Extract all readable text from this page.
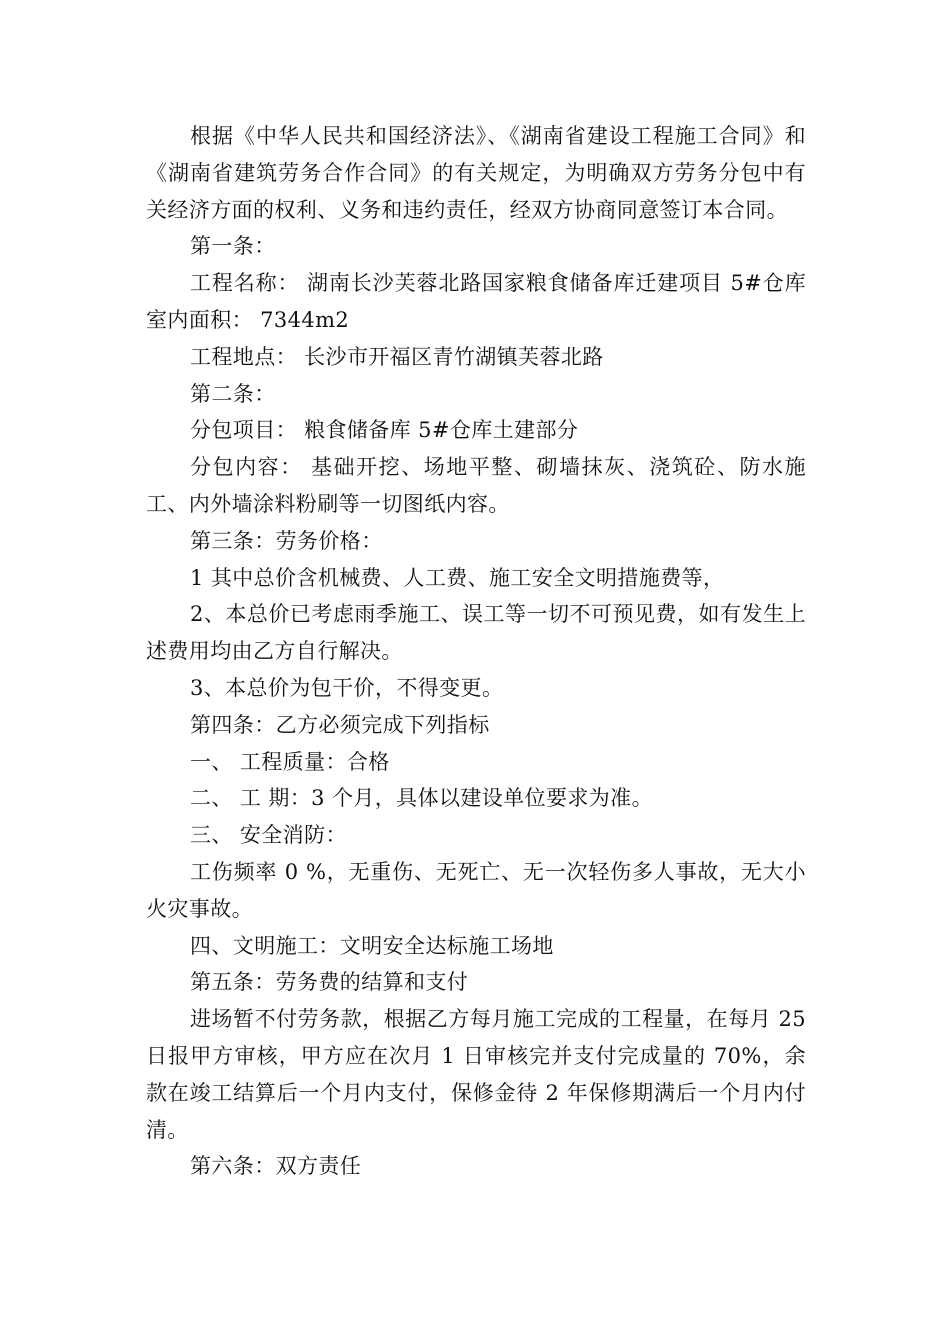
根据《中华人民共和国经济法》、《湖南省建设工程施工合同》和《湖南省建筑劳务合作合同》的有关规定，为明确双方劳务分包中有关经济方面的权利、义务和违约责任，经双方协商同意签订本合同。

第一条：

工程名称： 湖南长沙芙蓉北路国家粮食储备库迁建项目 5#仓库室内面积： 7344m2

工程地点： 长沙市开福区青竹湖镇芙蓉北路

第二条：

分包项目： 粮食储备库 5#仓库土建部分

分包内容： 基础开挖、场地平整、砌墙抹灰、浇筑砼、防水施工、内外墙涂料粉刷等一切图纸内容。

第三条：劳务价格：

1 其中总价含机械费、人工费、施工安全文明措施费等，

2、本总价已考虑雨季施工、误工等一切不可预见费，如有发生上述费用均由乙方自行解决。

3、本总价为包干价，不得变更。

第四条：乙方必须完成下列指标

一、 工程质量：合格

二、 工 期：3 个月，具体以建设单位要求为准。

三、 安全消防：

工伤频率 0 %，无重伤、无死亡、无一次轻伤多人事故，无大小火灾事故。

四、文明施工：文明安全达标施工场地

第五条：劳务费的结算和支付

进场暂不付劳务款，根据乙方每月施工完成的工程量，在每月 25 日报甲方审核，甲方应在次月 1 日审核完并支付完成量的 70%，余款在竣工结算后一个月内支付，保修金待 2 年保修期满后一个月内付清。

第六条：双方责任
